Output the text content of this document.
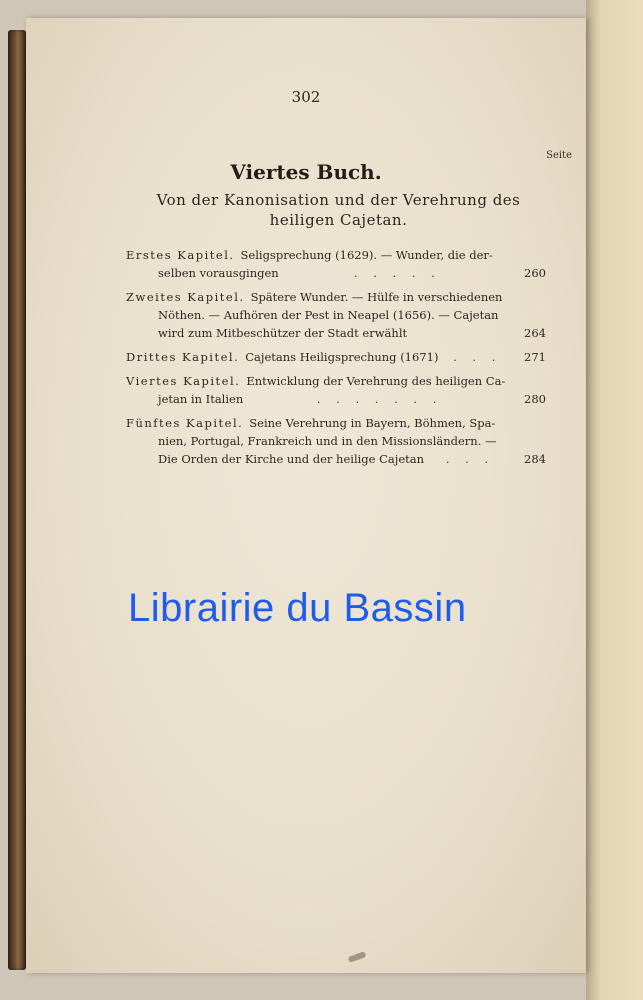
302
Seite
Viertes Buch.
Von der Kanonisation und der Verehrung des heiligen Cajetan.
Erstes Kapitel. Seligsprechung (1629). — Wunder, die der-
selben vorausgingen	. . . . .	260
Zweites Kapitel. Spätere Wunder. — Hülfe in verschiedenen
Nöthen. — Aufhören der Pest in Neapel (1656). — Cajetan
wird zum Mitbeschützer der Stadt erwählt	264
Drittes Kapitel. Cajetans Heiligsprechung (1671)	. . .	271
Viertes Kapitel. Entwicklung der Verehrung des heiligen Ca-
jetan in Italien	. . . . . . .	280
Fünftes Kapitel. Seine Verehrung in Bayern, Böhmen, Spa-
nien, Portugal, Frankreich und in den Missionsländern. —
Die Orden der Kirche und der heilige Cajetan	. . .	284
Librairie du Bassin
